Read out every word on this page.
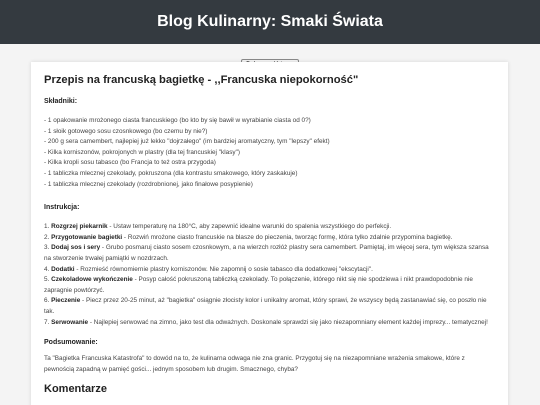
Blog Kulinarny: Smaki Świata
Przepis na francuską bagietkę - ,,Francuska niepokorność"

Składniki:

- 1 opakowanie mrożonego ciasta francuskiego (bo kto by się bawił w wyrabianie ciasta od 0?)
- 1 słoik gotowego sosu czosnkowego (bo czemu by nie?)
- 200 g sera camembert, najlepiej już lekko "dojrzałego" (im bardziej aromatyczny, tym "lepszy" efekt)
- Kilka korniszonów, pokrojonych w plastry (dla tej francuskiej "klasy")
- Kilka kropli sosu tabasco (bo Francja to też ostra przygoda)
- 1 tabliczka mlecznej czekolady, pokruszona (dla kontrastu smakowego, który zaskakuje)
- 1 tabliczka mlecznej czekolady (rozdrobnionej, jako finałowe posypienie)

Instrukcja:

1. Rozgrzej piekarnik - Ustaw temperaturę na 180°C, aby zapewnić idealne warunki do spalenia wszystkiego do perfekcji.
2. Przygotowanie bagietki - Rozwiń mrożone ciasto francuskie na blasze do pieczenia, tworząc formę, która tylko zdalnie przypomina bagietkę.
3. Dodaj sos i sery - Grubo posmaruj ciasto sosem czosnkowym, a na wierzch rozłóż plastry sera camembert. Pamiętaj, im więcej sera, tym większa szansa na stworzenie trwałej pamiątki w nozdrzach.
4. Dodatki - Rozmieść równomiernie plastry korniszonów. Nie zapomnij o sosie tabasco dla dodatkowej "ekscytacji".
5. Czekoladowe wykończenie - Posyp całość pokruszoną tabliczką czekolady. To połączenie, którego nikt się nie spodziewa i nikt prawdopodobnie nie zapragnie powtórzyć.
6. Pieczenie - Piecz przez 20-25 minut, aż "bagietka" osiągnie złocisty kolor i unikalny aromat, który sprawi, że wszyscy będą zastanawiać się, co poszło nie tak.
7. Serwowanie - Najlepiej serwować na zimno, jako test dla odważnych. Doskonale sprawdzi się jako niezapomniany element każdej imprezy... tematycznej!

Podsumowanie:

Ta "Bagietka Francuska Katastrofa" to dowód na to, że kulinarna odwaga nie zna granic. Przygotuj się na niezapomniane wrażenia smakowe, które z pewnością zapadną w pamięć gości... jednym sposobem lub drugim. Smacznego, chyba?

Komentarze
